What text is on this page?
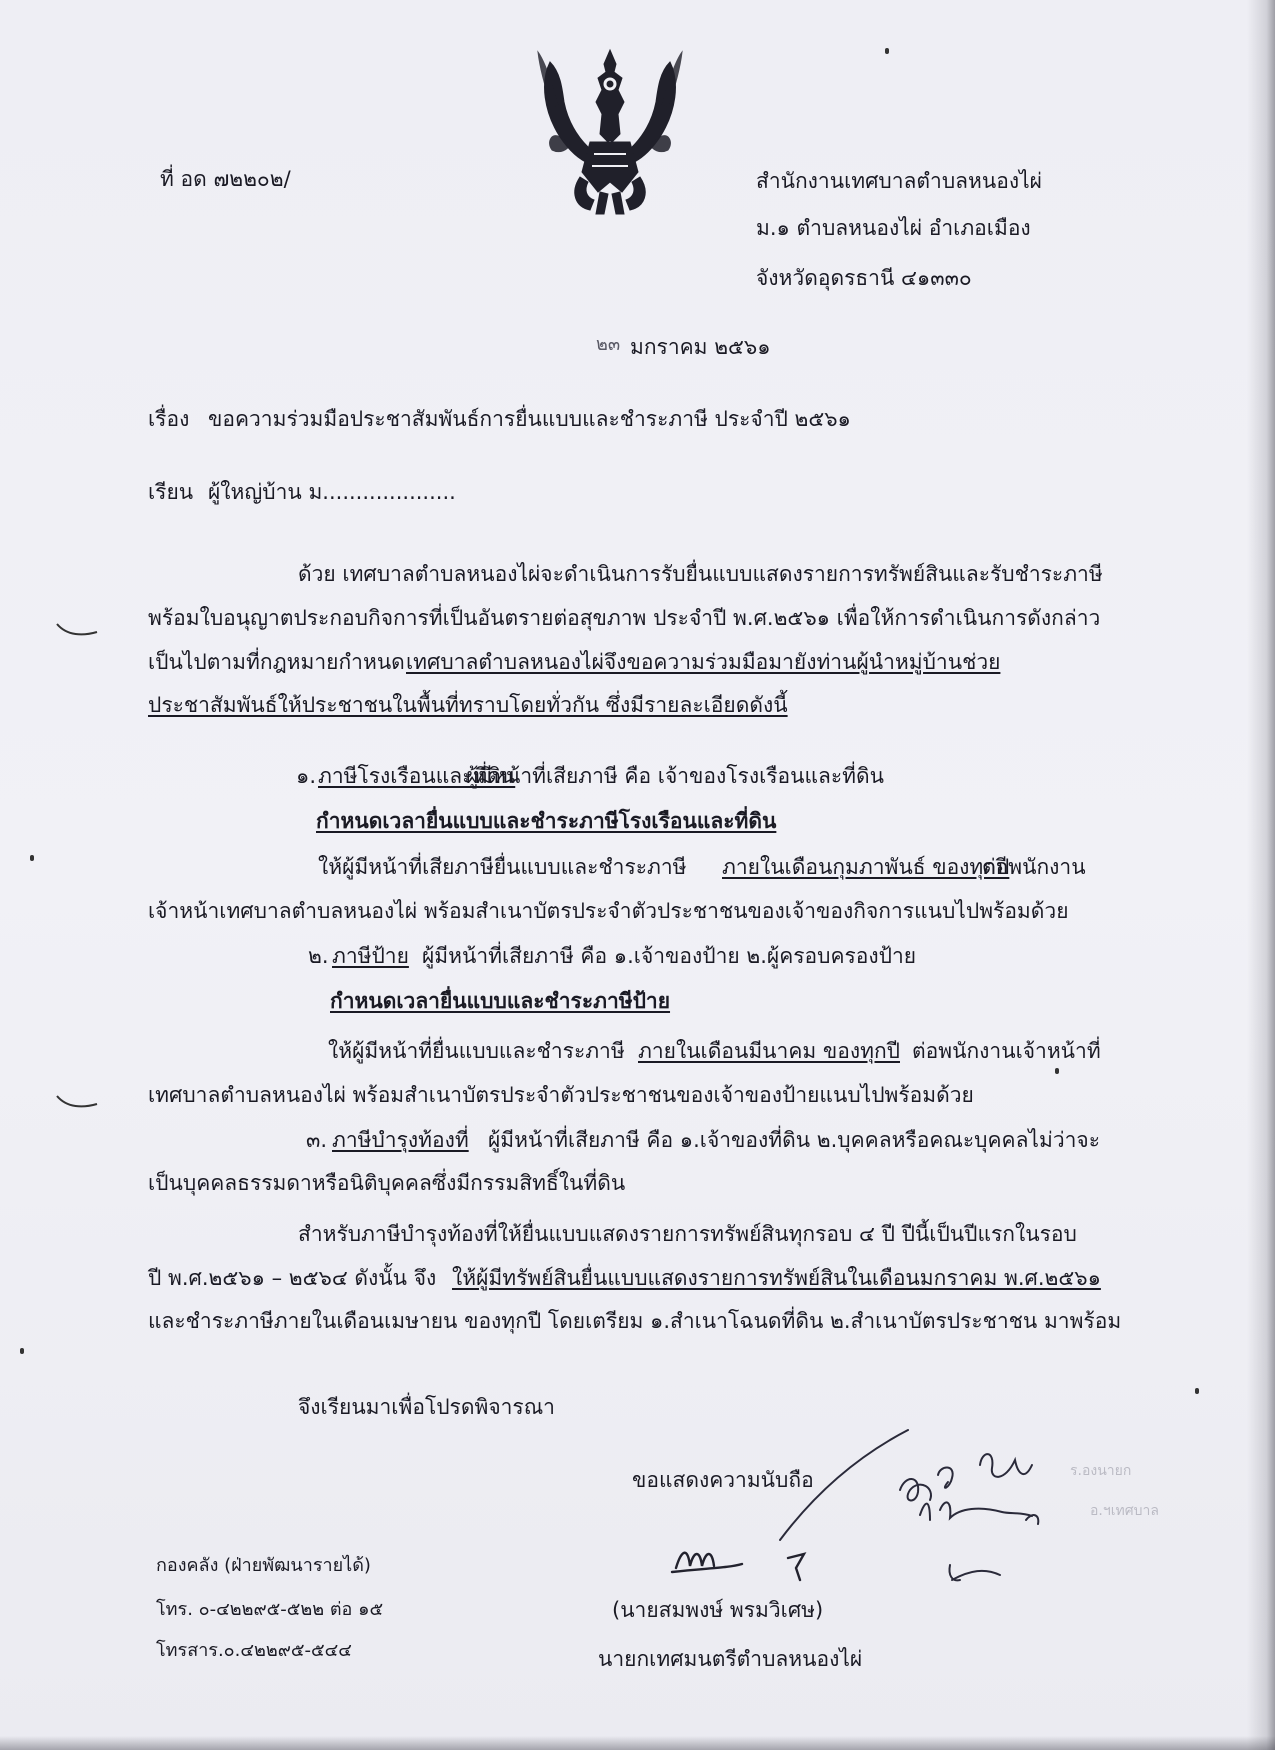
ที่ อด ๗๒๒๐๒/	สำนักงานเทศบาลตำบลหนองไผ่
ม.๑ ตำบลหนองไผ่ อำเภอเมือง
จังหวัดอุดรธานี ๔๑๓๓๐
๒๓ มกราคม ๒๕๖๑
เรื่อง ขอความร่วมมือประชาสัมพันธ์การยื่นแบบและชำระภาษี ประจำปี ๒๕๖๑
เรียน ผู้ใหญ่บ้าน ม....................
ด้วย เทศบาลตำบลหนองไผ่จะดำเนินการรับยื่นแบบแสดงรายการทรัพย์สินและรับชำระภาษี
พร้อมใบอนุญาตประกอบกิจการที่เป็นอันตรายต่อสุขภาพ ประจำปี พ.ศ.๒๕๖๑ เพื่อให้การดำเนินการดังกล่าว
เป็นไปตามที่กฎหมายกำหนด เทศบาลตำบลหนองไผ่จึงขอความร่วมมือมายังท่านผู้นำหมู่บ้านช่วย
ประชาสัมพันธ์ให้ประชาชนในพื้นที่ทราบโดยทั่วกัน ซึ่งมีรายละเอียดดังนี้
๑. ภาษีโรงเรือนและที่ดิน
ผู้มีหน้าที่เสียภาษี คือ เจ้าของโรงเรือนและที่ดิน
กำหนดเวลายื่นแบบและชำระภาษีโรงเรือนและที่ดิน
ให้ผู้มีหน้าที่เสียภาษียื่นแบบและชำระภาษี ภายในเดือนกุมภาพันธ์ ของทุกปี
ต่อพนักงาน
เจ้าหน้าเทศบาลตำบลหนองไผ่ พร้อมสำเนาบัตรประจำตัวประชาชนของเจ้าของกิจการแนบไปพร้อมด้วย
๒. ภาษีป้าย ผู้มีหน้าที่เสียภาษี คือ ๑.เจ้าของป้าย ๒.ผู้ครอบครองป้าย
กำหนดเวลายื่นแบบและชำระภาษีป้าย
ให้ผู้มีหน้าที่ยื่นแบบและชำระภาษี ภายในเดือนมีนาคม ของทุกปี ต่อพนักงานเจ้าหน้าที่
เทศบาลตำบลหนองไผ่ พร้อมสำเนาบัตรประจำตัวประชาชนของเจ้าของป้ายแนบไปพร้อมด้วย
๓. ภาษีบำรุงท้องที่ ผู้มีหน้าที่เสียภาษี คือ ๑.เจ้าของที่ดิน ๒.บุคคลหรือคณะบุคคลไม่ว่าจะ
เป็นบุคคลธรรมดาหรือนิติบุคคลซึ่งมีกรรมสิทธิ์ในที่ดิน
สำหรับภาษีบำรุงท้องที่ให้ยื่นแบบแสดงรายการทรัพย์สินทุกรอบ ๔ ปี ปีนี้เป็นปีแรกในรอบ
ปี พ.ศ.๒๕๖๑ – ๒๕๖๔ ดังนั้น จึง ให้ผู้มีทรัพย์สินยื่นแบบแสดงรายการทรัพย์สินในเดือนมกราคม พ.ศ.๒๕๖๑
และชำระภาษีภายในเดือนเมษายน ของทุกปี โดยเตรียม ๑.สำเนาโฉนดที่ดิน ๒.สำเนาบัตรประชาชน มาพร้อม
จึงเรียนมาเพื่อโปรดพิจารณา
ขอแสดงความนับถือ	ร.องนายก
อ.ฯเทศบาล
(นายสมพงษ์ พรมวิเศษ)
นายกเทศมนตรีตำบลหนองไผ่
กองคลัง (ฝ่ายพัฒนารายได้)
โทร. ๐-๔๒๒๙๕-๕๒๒ ต่อ ๑๕
โทรสาร.๐.๔๒๒๙๕-๕๔๔
